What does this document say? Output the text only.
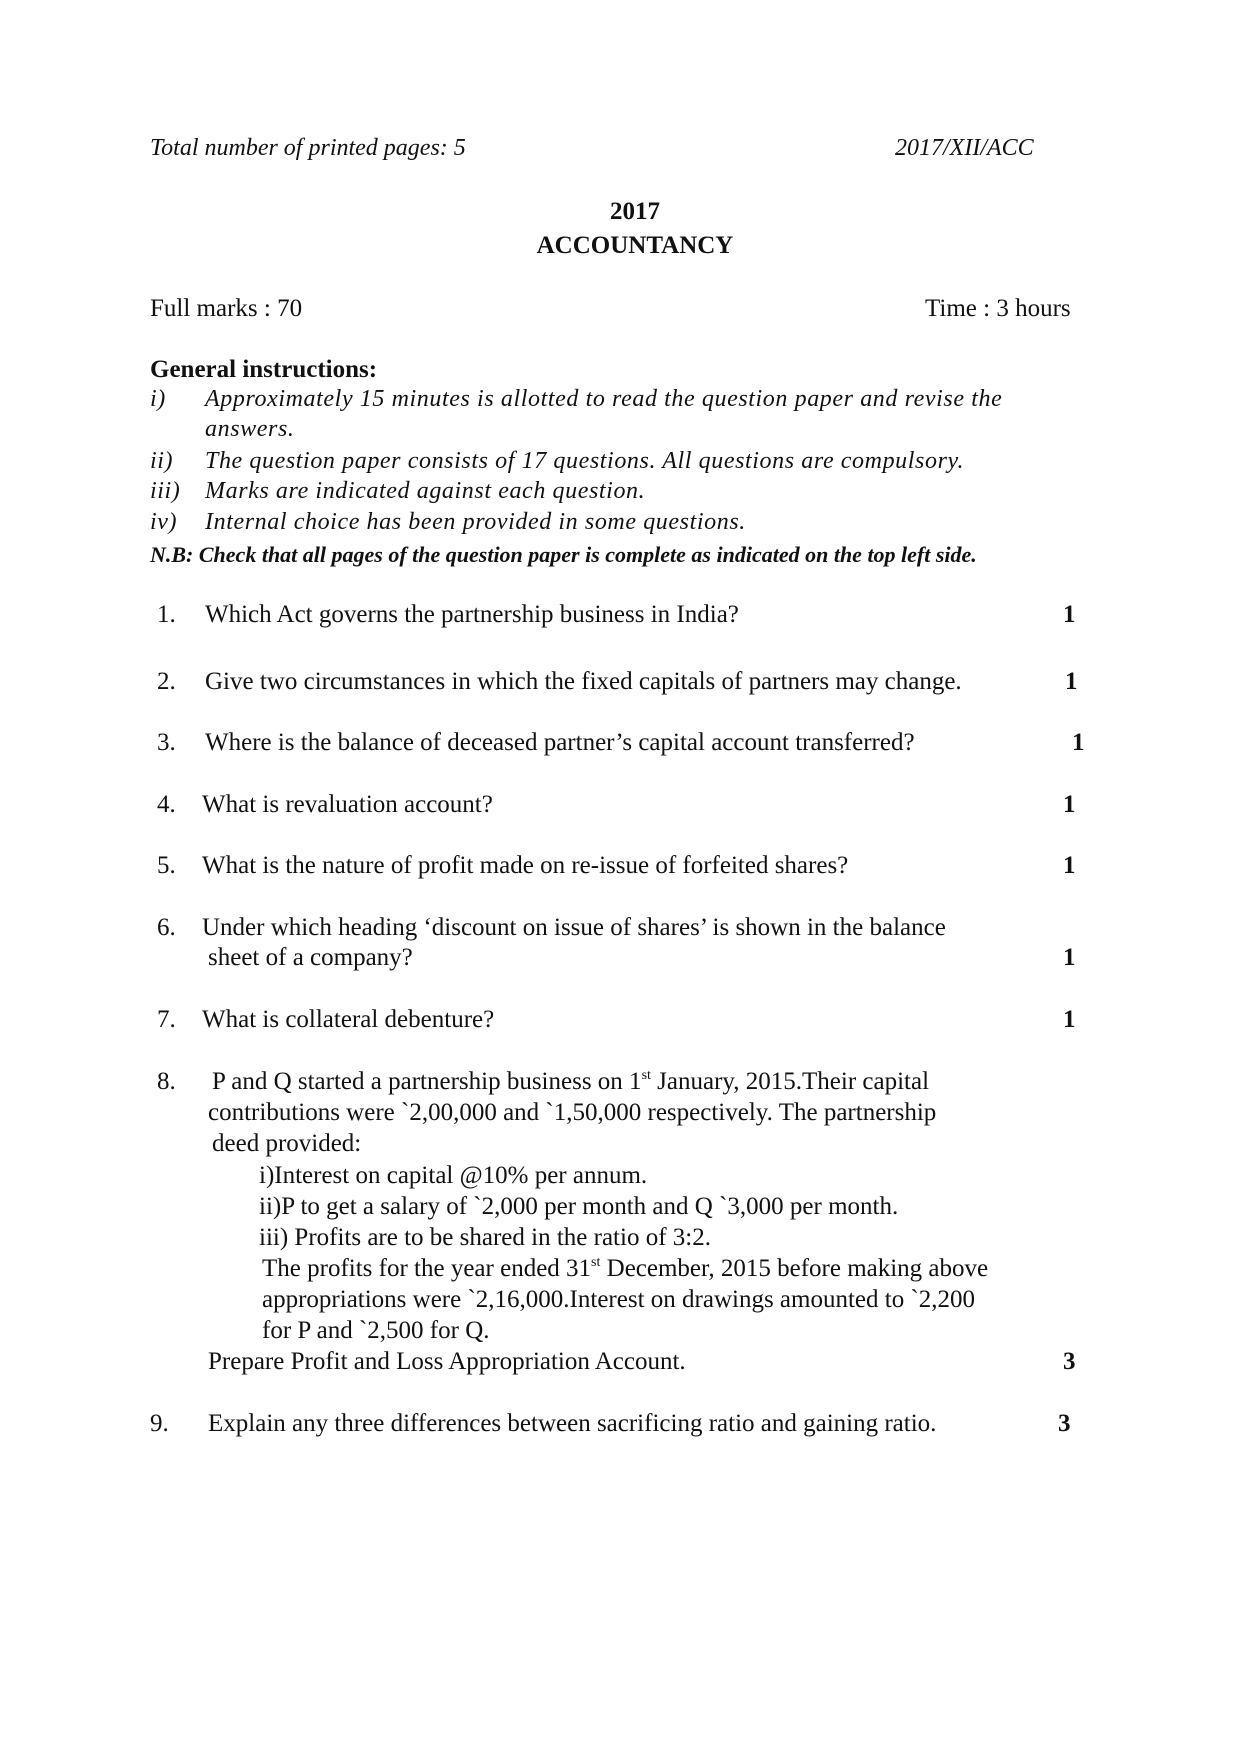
Total number of printed pages: 5	2017/XII/ACC
2017
ACCOUNTANCY
Full marks : 70	Time : 3 hours
General instructions:
i) Approximately 15 minutes is allotted to read the question paper and revise the
answers.
ii) The question paper consists of 17 questions. All questions are compulsory.
iii) Marks are indicated against each question.
iv) Internal choice has been provided in some questions.
N.B: Check that all pages of the question paper is complete as indicated on the top left side.
1. Which Act governs the partnership business in India?	1
2. Give two circumstances in which the fixed capitals of partners may change.	1
3. Where is the balance of deceased partner’s capital account transferred?	1
4. What is revaluation account?	1
5. What is the nature of profit made on re-issue of forfeited shares?	1
6. Under which heading ‘discount on issue of shares’ is shown in the balance
sheet of a company?	1
7. What is collateral debenture?	1
8. P and Q started a partnership business on 1st January, 2015.Their capital
contributions were `2,00,000 and `1,50,000 respectively. The partnership
deed provided:
i)Interest on capital @10% per annum.
ii)P to get a salary of `2,000 per month and Q `3,000 per month.
iii) Profits are to be shared in the ratio of 3:2.
The profits for the year ended 31st December, 2015 before making above
appropriations were `2,16,000.Interest on drawings amounted to `2,200
for P and `2,500 for Q.
Prepare Profit and Loss Appropriation Account.	3
9. Explain any three differences between sacrificing ratio and gaining ratio.	3
